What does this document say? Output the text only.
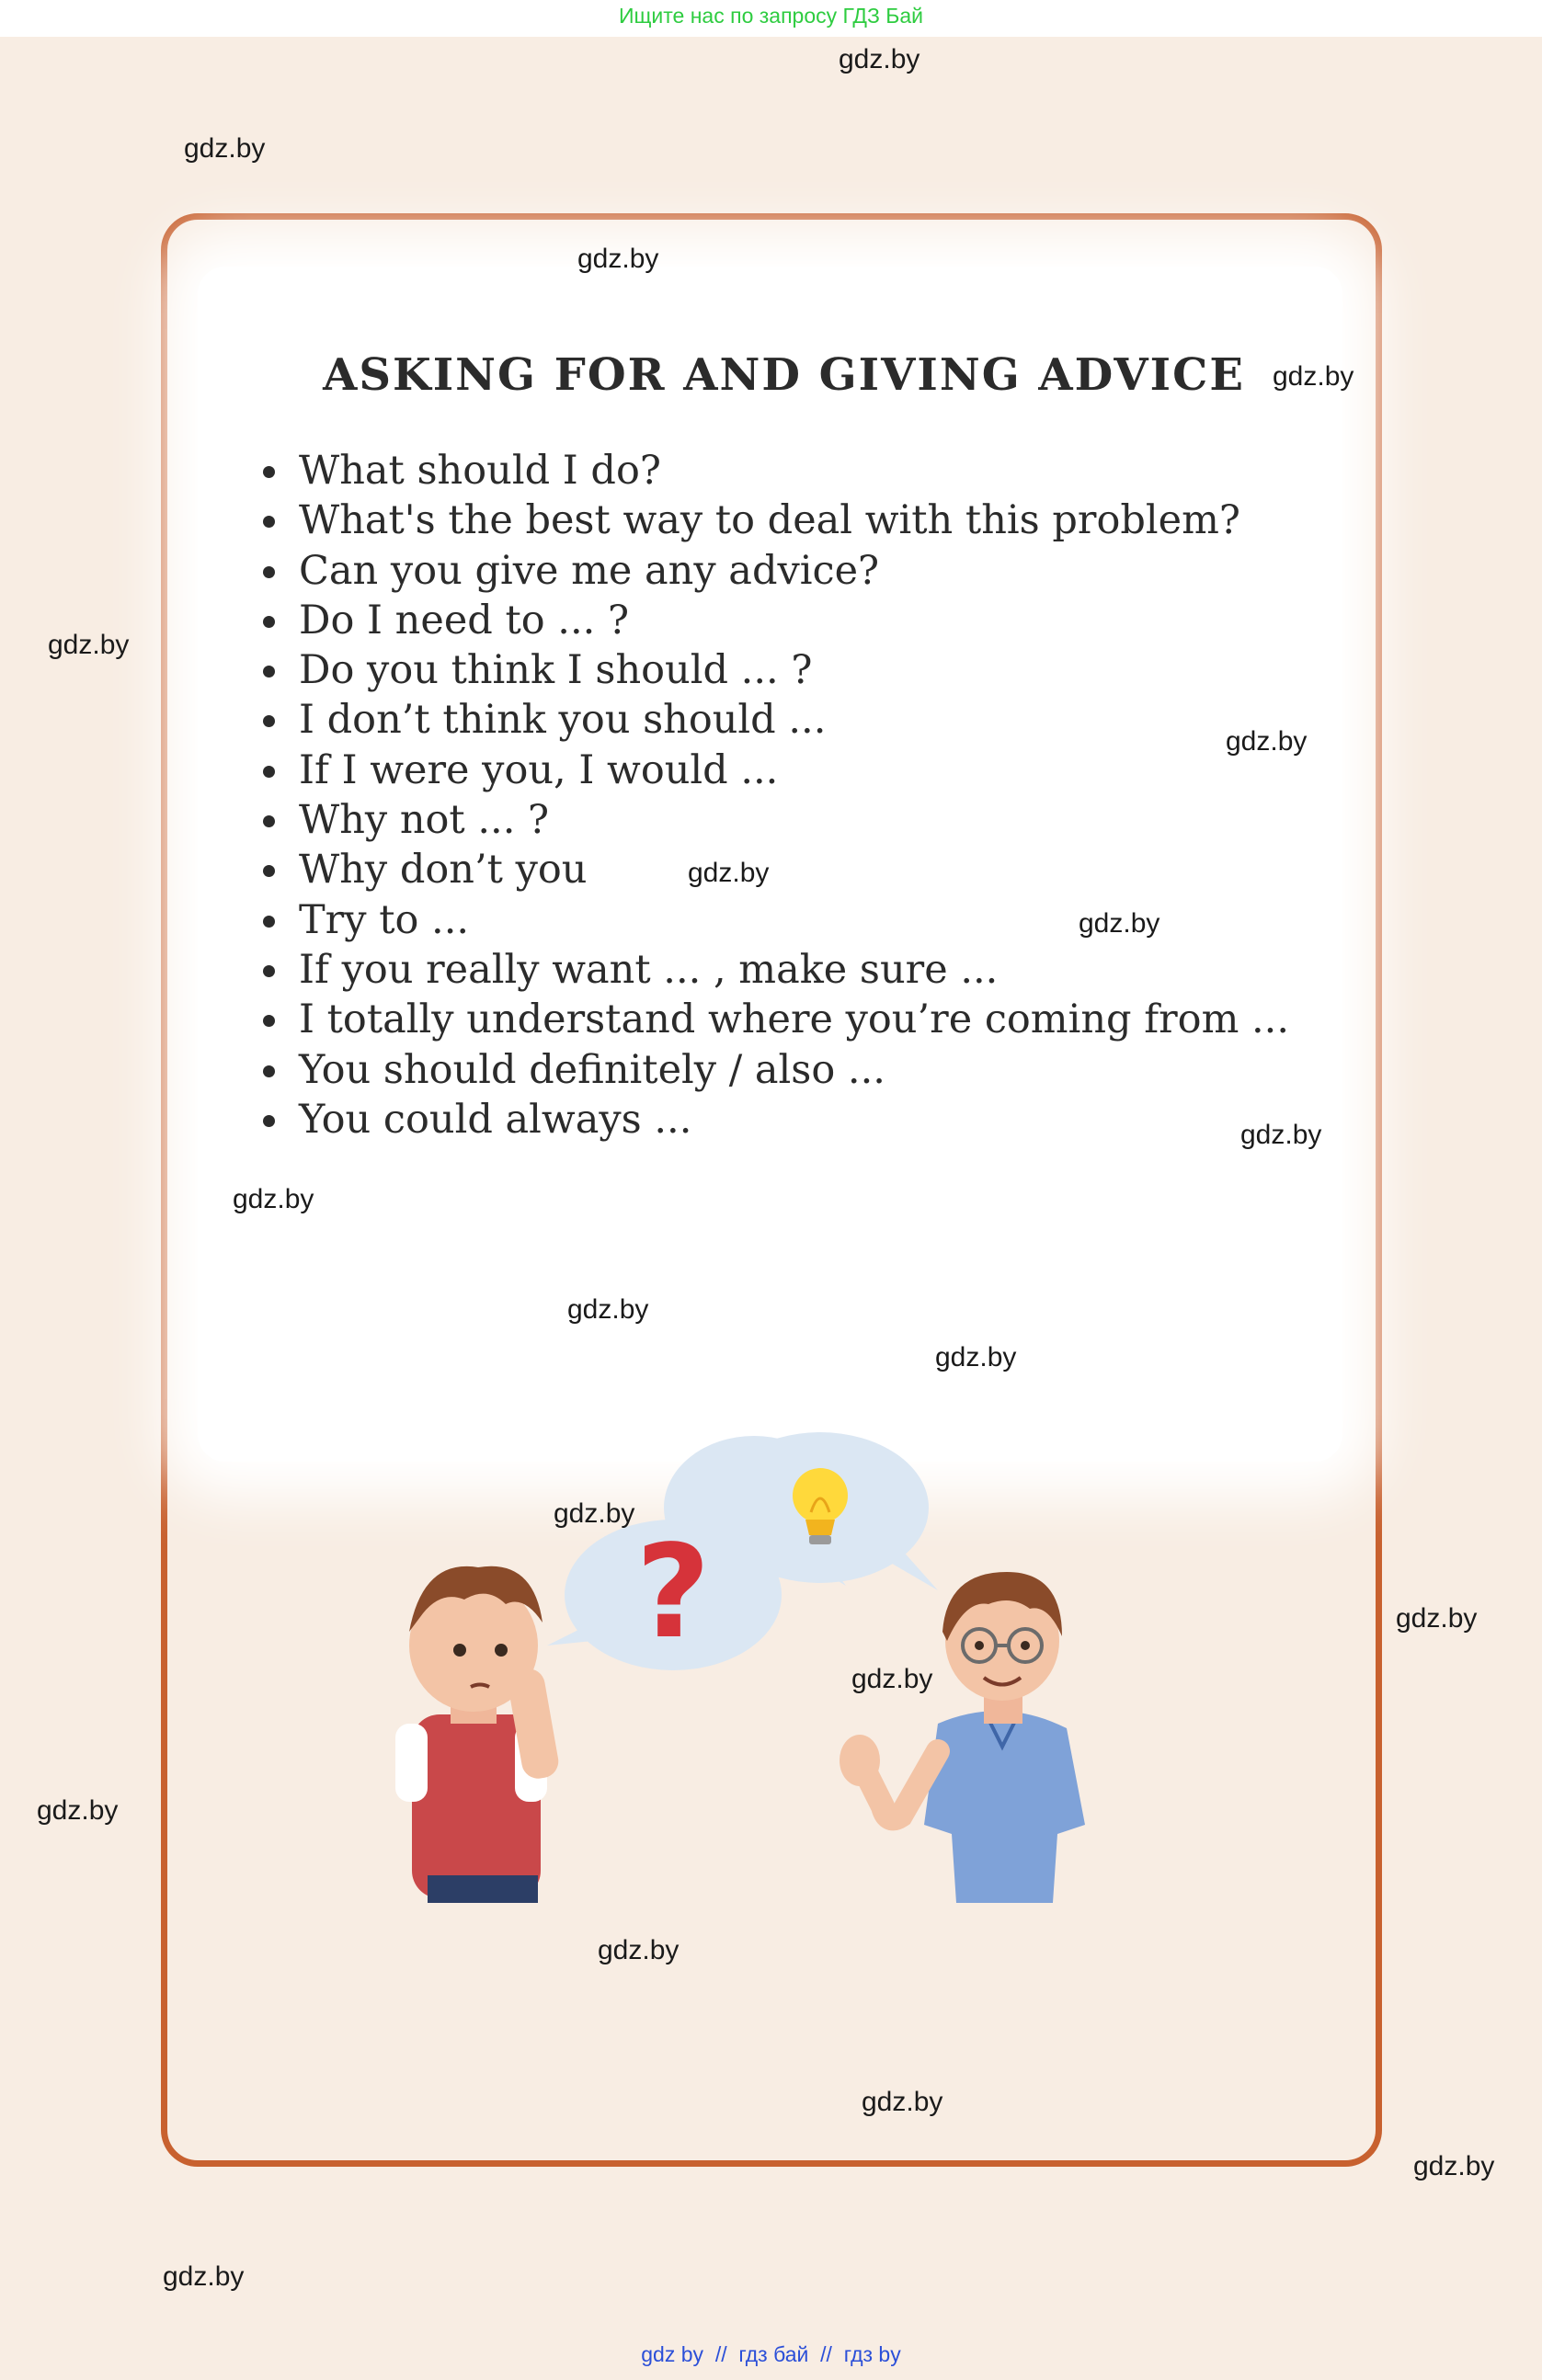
Ищите нас по запросу ГДЗ Бай
ASKING FOR AND GIVING ADVICE
What should I do?
What's the best way to deal with this problem?
Can you give me any advice?
Do I need to ... ?
Do you think I should ... ?
I don’t think you should ...
If I were you, I would ...
Why not ... ?
Why don’t you
Try to ...
If you really want ... , make sure ...
I totally understand where you’re coming from ...
You should definitely / also ...
You could always ...
?
gdz.by
gdz.by
gdz.by
gdz.by
gdz.by
gdz.by
gdz.by
gdz.by
gdz.by
gdz.by
gdz.by
gdz.by
gdz.by
gdz.by
gdz.by
gdz.by
gdz.by
gdz.by
gdz.by
gdz.by
gdz by // гдз бай // гдз by
